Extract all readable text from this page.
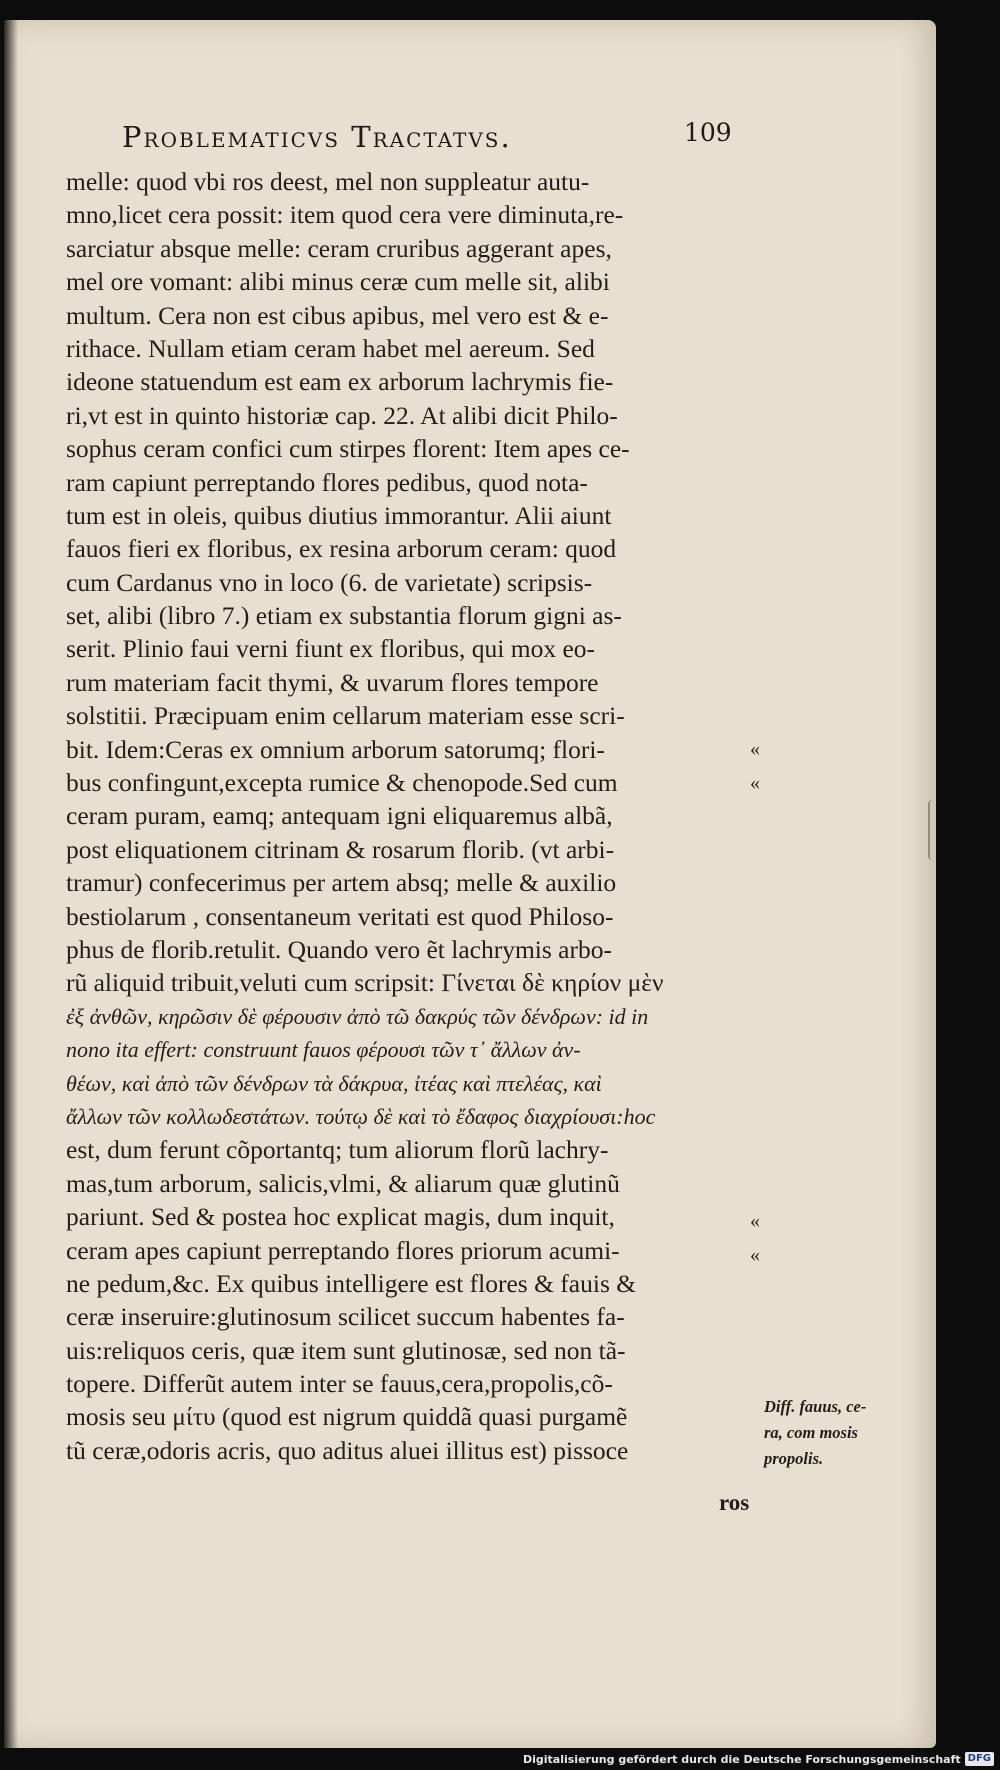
Problematicvs Tractatvs.	109
melle: quod vbi ros deest, mel non suppleatur autu-
mno,licet cera possit: item quod cera vere diminuta,re-
sarciatur absque melle: ceram cruribus aggerant apes,
mel ore vomant: alibi minus ceræ cum melle sit, alibi
multum. Cera non est cibus apibus, mel vero est & e-
rithace. Nullam etiam ceram habet mel aereum. Sed
ideone statuendum est eam ex arborum lachrymis fie-
ri,vt est in quinto historiæ cap. 22. At alibi dicit Philo-
sophus ceram confici cum stirpes florent: Item apes ce-
ram capiunt perreptando flores pedibus, quod nota-
tum est in oleis, quibus diutius immorantur. Alii aiunt
fauos fieri ex floribus, ex resina arborum ceram: quod
cum Cardanus vno in loco (6. de varietate) scripsis-
set, alibi (libro 7.) etiam ex substantia florum gigni as-
serit. Plinio faui verni fiunt ex floribus, qui mox eo-
rum materiam facit thymi, & uvarum flores tempore
solstitii. Præcipuam enim cellarum materiam esse scri-
bit. Idem:Ceras ex omnium arborum satorumq; flori-
bus confingunt,excepta rumice & chenopode.Sed cum
ceram puram, eamq; antequam igni eliquaremus albã,
post eliquationem citrinam & rosarum florib. (vt arbi-
tramur) confecerimus per artem absq; melle & auxilio
bestiolarum , consentaneum veritati est quod Philoso-
phus de florib.retulit. Quando vero ẽt lachrymis arbo-
rũ aliquid tribuit,veluti cum scripsit: Γίνεται δὲ κηρίον μὲν
ἐξ ἀνθῶν, κηρῶσιν δὲ φέρουσιν ἀπὸ τῶ δακρύς τῶν δένδρων: id in
nono ita effert: construunt fauos φέρουσι τῶν τ᾽ ἄλλων ἀν-
θέων, καὶ ἀπὸ τῶν δένδρων τὰ δάκρυα, ἰτέας καὶ πτελέας, καὶ
ἄλλων τῶν κολλωδεστάτων. τούτῳ δὲ καὶ τὸ ἔδαφος διαχρίουσι:hoc
est, dum ferunt cõportantq; tum aliorum florũ lachry-
mas,tum arborum, salicis,vlmi, & aliarum quæ glutinũ
pariunt. Sed & postea hoc explicat magis, dum inquit,
ceram apes capiunt perreptando flores priorum acumi-
ne pedum,&c. Ex quibus intelligere est flores & fauis &
ceræ inseruire:glutinosum scilicet succum habentes fa-
uis:reliquos ceris, quæ item sunt glutinosæ, sed non tã-
topere. Differũt autem inter se fauus,cera,propolis,cõ-
mosis seu μίτυ (quod est nigrum quiddã quasi purgamẽ
tũ ceræ,odoris acris, quo aditus aluei illitus est) pissoce
«
«
«
«
Diff. fauus, ce-
ra, com mosis
propolis.
ros
Digitalisierung gefördert durch die Deutsche Forschungsgemeinschaft DFG
